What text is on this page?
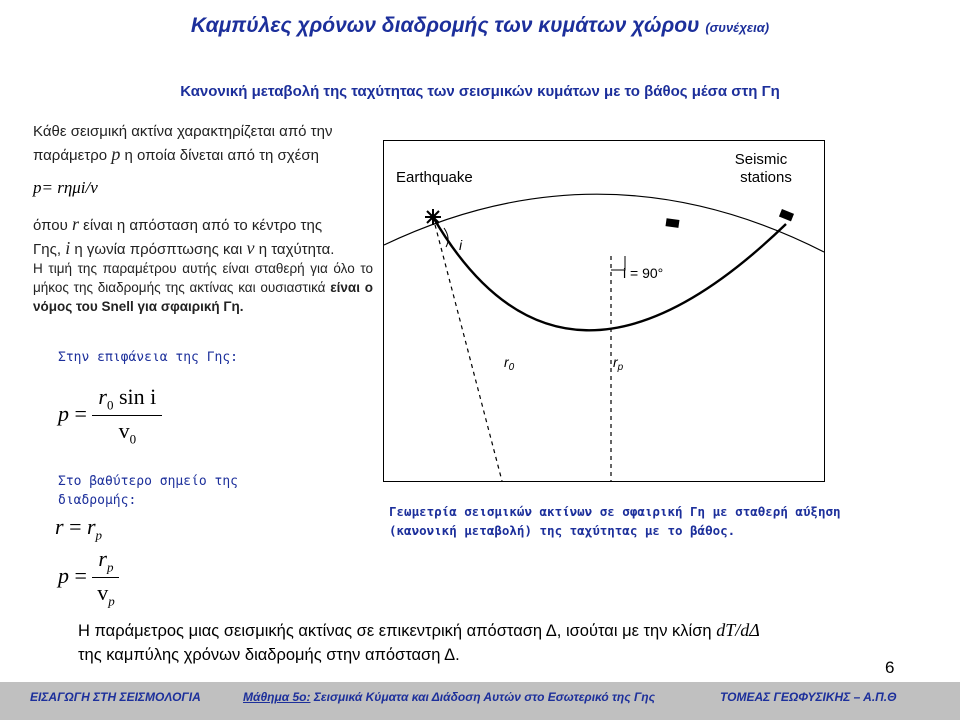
Καμπύλες χρόνων διαδρομής των κυμάτων χώρου (συνέχεια)
Κανονική μεταβολή της ταχύτητας των σεισμικών κυμάτων με το βάθος μέσα στη Γη
Κάθε σεισμική ακτίνα χαρακτηρίζεται από την
παράμετρο p η οποία δίνεται από τη σχέση
p= rημi/v
όπου r είναι η απόσταση από το κέντρο της
Γης, i η γωνία πρόσπτωσης και v η ταχύτητα.
Η τιμή της παραμέτρου αυτής είναι σταθερή για όλο το μήκος της διαδρομής της ακτίνας και ουσιαστικά είναι ο νόμος του Snell για σφαιρική Γη.
Στην επιφάνεια της Γης:
$p = \frac{r_0 \sin i}{v_0}$
Στο βαθύτερο σημείο της
διαδρομής:
$r = r_p$
$p = \frac{r_p}{v_p}$
Earthquake
Seismic
stations
i
i = 90°
$r_0$	$r_p$
Γεωμετρία σεισμικών ακτίνων σε σφαιρική Γη με σταθερή αύξηση
(κανονική μεταβολή) της ταχύτητας με το βάθος.
Η παράμετρος μιας σεισμικής ακτίνας σε επικεντρική απόσταση Δ, ισούται με την κλίση dT/dΔ
της καμπύλης χρόνων διαδρομής στην απόσταση Δ.
6
ΕΙΣΑΓΩΓΗ ΣΤΗ ΣΕΙΣΜΟΛΟΓΙΑ	Μάθημα 5ο: Σεισμικά Κύματα και Διάδοση Αυτών στο Εσωτερικό της Γης	ΤΟΜΕΑΣ ΓΕΩΦΥΣΙΚΗΣ – Α.Π.Θ
